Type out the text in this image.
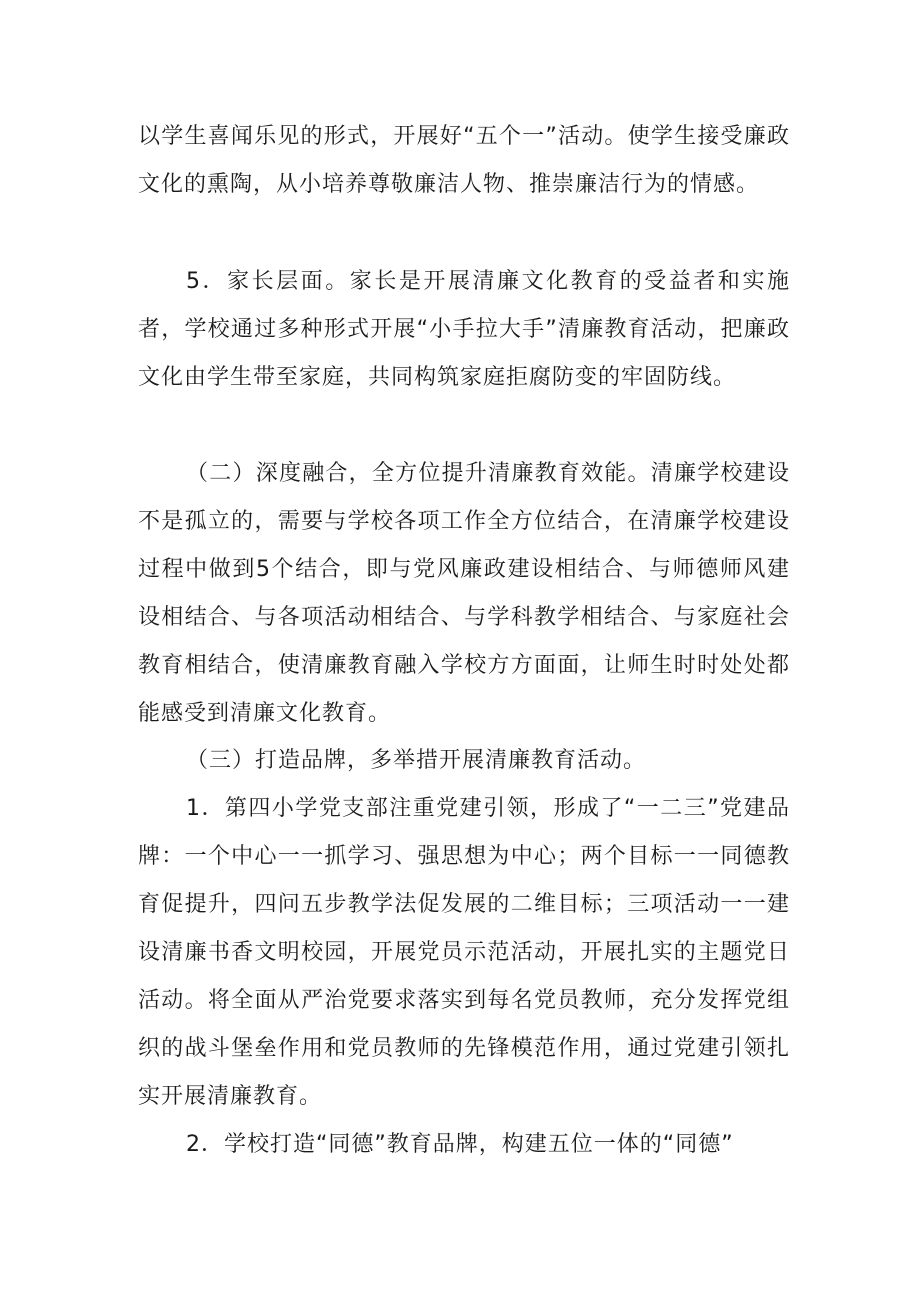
以学生喜闻乐见的形式，开展好“五个一”活动。使学生接受廉政文化的熏陶，从小培养尊敬廉洁人物、推崇廉洁行为的情感。

5．家长层面。家长是开展清廉文化教育的受益者和实施者，学校通过多种形式开展“小手拉大手”清廉教育活动，把廉政文化由学生带至家庭，共同构筑家庭拒腐防变的牢固防线。

（二）深度融合，全方位提升清廉教育效能。清廉学校建设不是孤立的，需要与学校各项工作全方位结合，在清廉学校建设过程中做到5个结合，即与党风廉政建设相结合、与师德师风建设相结合、与各项活动相结合、与学科教学相结合、与家庭社会教育相结合，使清廉教育融入学校方方面面，让师生时时处处都能感受到清廉文化教育。

（三）打造品牌，多举措开展清廉教育活动。

1．第四小学党支部注重党建引领，形成了“一二三”党建品牌：一个中心一一抓学习、强思想为中心；两个目标一一同德教育促提升，四问五步教学法促发展的二维目标；三项活动一一建设清廉书香文明校园，开展党员示范活动，开展扎实的主题党日活动。将全面从严治党要求落实到每名党员教师，充分发挥党组织的战斗堡垒作用和党员教师的先锋模范作用，通过党建引领扎实开展清廉教育。

2．学校打造“同德”教育品牌，构建五位一体的“同德”
